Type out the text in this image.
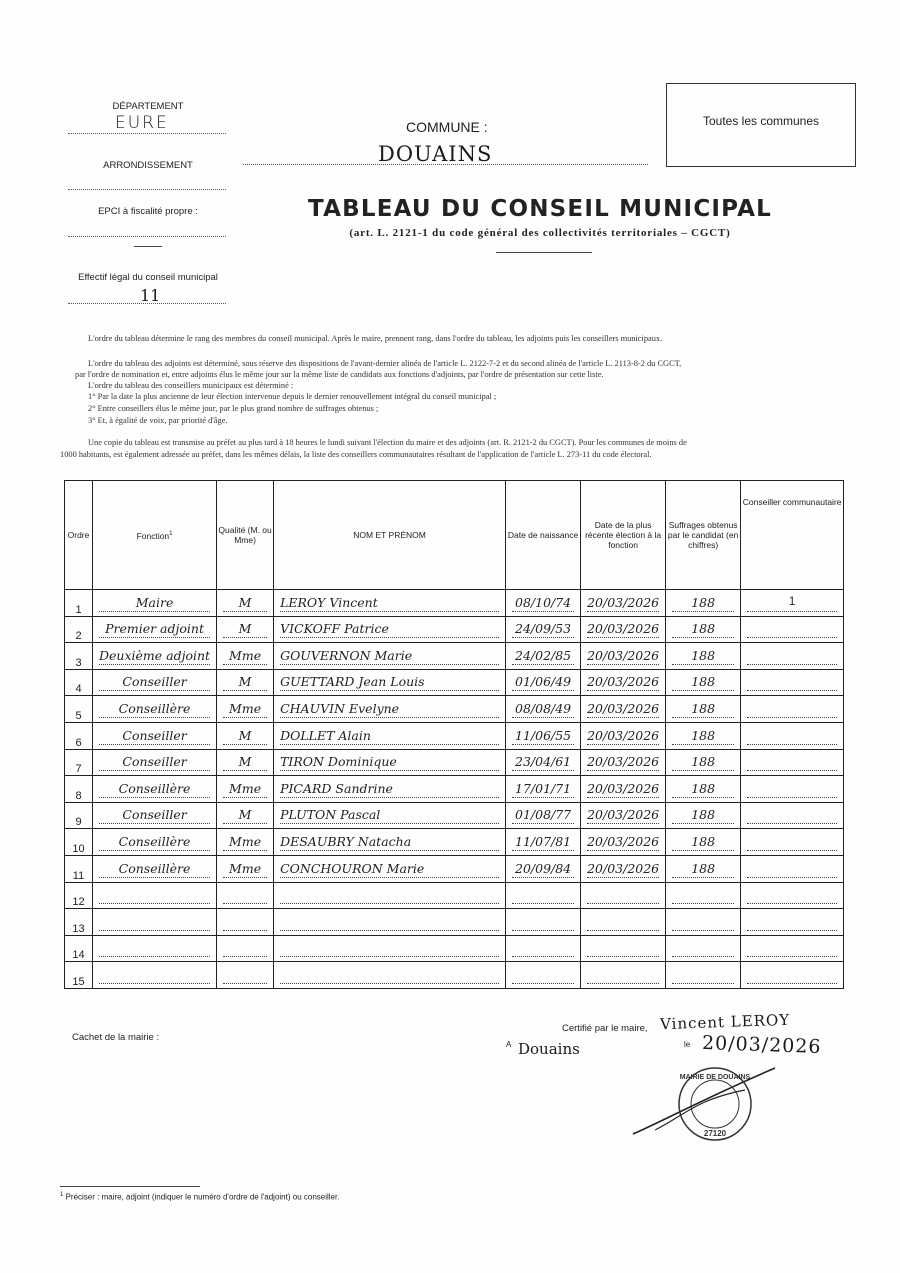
DÉPARTEMENT
EURE
ARRONDISSEMENT
EPCI à fiscalité propre :
Effectif légal du conseil municipal
11
COMMUNE :
DOUAINS
Toutes les communes
TABLEAU DU CONSEIL MUNICIPAL
(art. L. 2121-1 du code général des collectivités territoriales – CGCT)
L'ordre du tableau détermine le rang des membres du conseil municipal. Après le maire, prennent rang, dans l'ordre du tableau, les adjoints puis les conseillers municipaux.
L'ordre du tableau des adjoints est déterminé, sous réserve des dispositions de l'avant-dernier alinéa de l'article L. 2122-7-2 et du second alinéa de l'article L. 2113-8-2 du CGCT,
par l'ordre de nomination et, entre adjoints élus le même jour sur la même liste de candidats aux fonctions d'adjoints, par l'ordre de présentation sur cette liste.
L'ordre du tableau des conseillers municipaux est déterminé :
1° Par la date la plus ancienne de leur élection intervenue depuis le dernier renouvellement intégral du conseil municipal ;
2° Entre conseillers élus le même jour, par le plus grand nombre de suffrages obtenus ;
3° Et, à égalité de voix, par priorité d'âge.
Une copie du tableau est transmise au préfet au plus tard à 18 heures le lundi suivant l'élection du maire et des adjoints (art. R. 2121-2 du CGCT). Pour les communes de moins de
1000 habitants, est également adressée au préfet, dans les mêmes délais, la liste des conseillers communautaires résultant de l'application de l'article L. 273-11 du code électoral.
Ordre	Fonction$^1$	Qualité (M. ou Mme)	NOM ET PRÉNOM	Date de naissance	Date de la plus récente élection à la fonction	Suffrages obtenus par le candidat (en chiffres)	Conseiller communautaire
1	Maire	M	LEROY Vincent	08/10/74	20/03/2026	188	1

2	Premier adjoint	M	VICKOFF Patrice	24/09/53	20/03/2026	188	

3	Deuxième adjoint	Mme	GOUVERNON Marie	24/02/85	20/03/2026	188	

4	Conseiller	M	GUETTARD Jean Louis	01/06/49	20/03/2026	188	

5	Conseillère	Mme	CHAUVIN Evelyne	08/08/49	20/03/2026	188	

6	Conseiller	M	DOLLET Alain	11/06/55	20/03/2026	188	

7	Conseiller	M	TIRON Dominique	23/04/61	20/03/2026	188	

8	Conseillère	Mme	PICARD Sandrine	17/01/71	20/03/2026	188	

9	Conseiller	M	PLUTON Pascal	01/08/77	20/03/2026	188	

10	Conseillère	Mme	DESAUBRY Natacha	11/07/81	20/03/2026	188	

11	Conseillère	Mme	CONCHOURON Marie	20/09/84	20/03/2026	188	

12	

13	

14	

15	

Cachet de la mairie :
Certifié par le maire, Vincent LEROY
A Douains	le 20/03/2026
27120
MAIRIE DE DOUAINS
$^1$ Préciser : maire, adjoint (indiquer le numéro d'ordre de l'adjoint) ou conseiller.
